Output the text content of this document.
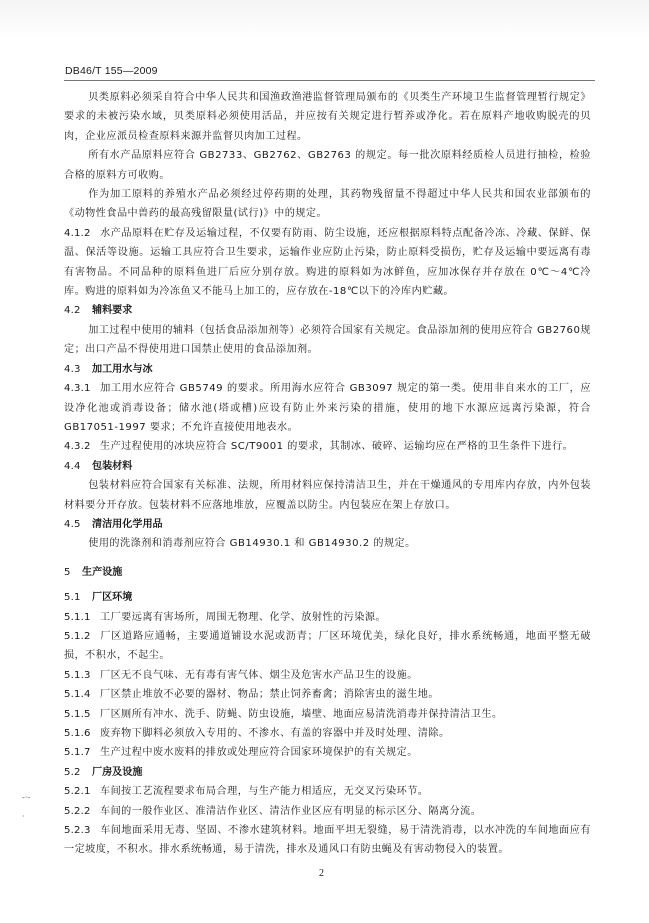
DB46/T 155—2009

贝类原料必须采自符合中华人民共和国渔政渔港监督管理局颁布的《贝类生产环境卫生监督管理暂行规定》要求的未被污染水域，贝类原料必须使用活品，并应按有关规定进行暂养或净化。若在原料产地收购脱壳的贝肉，企业应派员检查原料来源并监督贝肉加工过程。

所有水产品原料应符合 GB2733、GB2762、GB2763 的规定。每一批次原料经质检人员进行抽检，检验合格的原料方可收购。

作为加工原料的养殖水产品必须经过停药期的处理，其药物残留量不得超过中华人民共和国农业部颁布的《动物性食品中兽药的最高残留限量(试行)》中的规定。

4.1.2 水产品原料在贮存及运输过程，不仅要有防雨、防尘设施，还应根据原料特点配备冷冻、冷藏、保鲜、保温、保活等设施。运输工具应符合卫生要求，运输作业应防止污染，防止原料受损伤，贮存及运输中要远离有毒有害物品。不同品种的原料鱼进厂后应分别存放。购进的原料如为冰鲜鱼，应加冰保存并存放在 0℃～4℃冷库。购进的原料如为冷冻鱼又不能马上加工的，应存放在-18℃以下的冷库内贮藏。

4.2 辅料要求

加工过程中使用的辅料（包括食品添加剂等）必须符合国家有关规定。食品添加剂的使用应符合 GB2760规定；出口产品不得使用进口国禁止使用的食品添加剂。

4.3 加工用水与冰

4.3.1 加工用水应符合 GB5749 的要求。所用海水应符合 GB3097 规定的第一类。使用非自来水的工厂，应设净化池或消毒设备；储水池(塔或槽)应设有防止外来污染的措施，使用的地下水源应远离污染源，符合 GB17051-1997 要求；不允许直接使用地表水。

4.3.2 生产过程使用的冰块应符合 SC/T9001 的要求，其制冰、破碎、运输均应在严格的卫生条件下进行。

4.4 包装材料

包装材料应符合国家有关标准、法规，所用材料应保持清洁卫生，并在干燥通风的专用库内存放，内外包装材料要分开存放。包装材料不应落地堆放，应覆盖以防尘。内包装应在架上存放口。

4.5 清洁用化学用品

使用的洗涤剂和消毒剂应符合 GB14930.1 和 GB14930.2 的规定。

5 生产设施

5.1 厂区环境

5.1.1 工厂要远离有害场所，周围无物理、化学、放射性的污染源。

5.1.2 厂区道路应通畅，主要通道铺设水泥或沥青；厂区环境优美，绿化良好，排水系统畅通，地面平整无破损，不积水，不起尘。

5.1.3 厂区无不良气味、无有毒有害气体、烟尘及危害水产品卫生的设施。

5.1.4 厂区禁止堆放不必要的器材、物品；禁止饲养畜禽；消除害虫的滋生地。

5.1.5 厂区厕所有冲水、洗手、防蝇、防虫设施，墙壁、地面应易清洗消毒并保持清洁卫生。

5.1.6 废弃物下脚料必须放入专用的、不渗水、有盖的容器中并及时处理、清除。

5.1.7 生产过程中废水废料的排放或处理应符合国家环境保护的有关规定。

5.2 厂房及设施

5.2.1 车间按工艺流程要求布局合理，与生产能力相适应，无交叉污染环节。

5.2.2 车间的一般作业区、准清洁作业区、清洁作业区应有明显的标示区分、隔离分流。

5.2.3 车间地面采用无毒、坚固、不渗水建筑材料。地面平坦无裂缝，易于清洗消毒，以水冲洗的车间地面应有一定坡度，不积水。排水系统畅通，易于清洗，排水及通风口有防虫蝇及有害动物侵入的装置。

-·-
·
2
